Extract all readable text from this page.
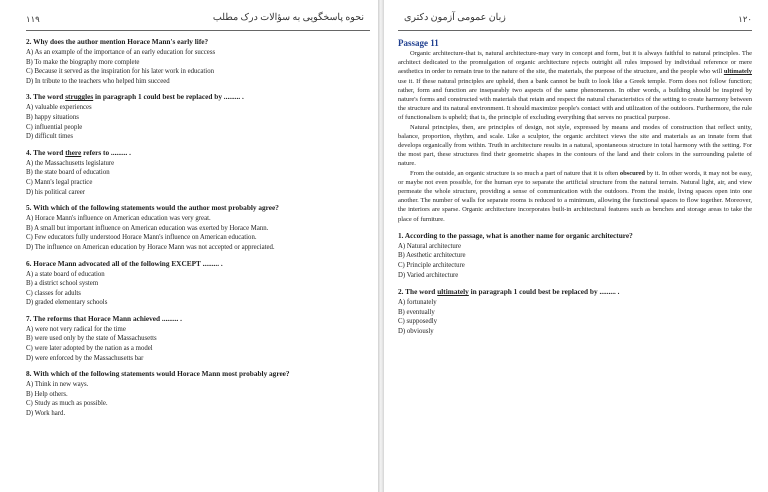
۱۱۹	نحوه پاسخگویی به سؤالات درک مطلب
2. Why does the author mention Horace Mann's early life?
A) As an example of the importance of an early education for success
B) To make the biography more complete
C) Because it served as the inspiration for his later work in education
D) In tribute to the teachers who helped him succeed
3. The word struggles in paragraph 1 could best be replaced by ......... .
A) valuable experiences
B) happy situations
C) influential people
D) difficult times
4. The word there refers to ......... .
A) the Massachusetts legislature
B) the state board of education
C) Mann's legal practice
D) his political career
5. With which of the following statements would the author most probably agree?
A) Horace Mann's influence on American education was very great.
B) A small but important influence on American education was exerted by Horace Mann.
C) Few educators fully understood Horace Mann's influence on American education.
D) The influence on American education by Horace Mann was not accepted or appreciated.
6. Horace Mann advocated all of the following EXCEPT ......... .
A) a state board of education
B) a district school system
C) classes for adults
D) graded elementary schools
7. The reforms that Horace Mann achieved ......... .
A) were not very radical for the time
B) were used only by the state of Massachusetts
C) were later adopted by the nation as a model
D) were enforced by the Massachusetts bar
8. With which of the following statements would Horace Mann most probably agree?
A) Think in new ways.
B) Help others.
C) Study as much as possible.
D) Work hard.
زبان عمومی آزمون دکتری	۱۲۰
Passage 11

Organic architecture-that is, natural architecture-may vary in concept and form, but it is always faithful to natural principles. The architect dedicated to the promulgation of organic architecture rejects outright all rules imposed by individual reference or mere aesthetics in order to remain true to the nature of the site, the materials, the purpose of the structure, and the people who will ultimately use it. If these natural principles are upheld, then a bank cannot be built to look like a Greek temple. Form does not follow function; rather, form and function are inseparably two aspects of the same phenomenon. In other words, a building should be inspired by nature's forms and constructed with materials that retain and respect the natural characteristics of the setting to create harmony between the structure and its natural environment. It should maximize people's contact with and utilization of the outdoors. Furthermore, the rule of functionalism is upheld; that is, the principle of excluding everything that serves no practical purpose.

Natural principles, then, are principles of design, not style, expressed by means and modes of construction that reflect unity, balance, proportion, rhythm, and scale. Like a sculptor, the organic architect views the site and materials as an innate form that develops organically from within. Truth in architecture results in a natural, spontaneous structure in total harmony with the setting. For the most part, these structures find their geometric shapes in the contours of the land and their colors in the surrounding palette of nature.

From the outside, an organic structure is so much a part of nature that it is often obscured by it. In other words, it may not be easy, or maybe not even possible, for the human eye to separate the artificial structure from the natural terrain. Natural light, air, and view permeate the whole structure, providing a sense of communication with the outdoors. From the inside, living spaces open into one another. The number of walls for separate rooms is reduced to a minimum, allowing the functional spaces to flow together. Moreover, the interiors are sparse. Organic architecture incorporates built-in architectural features such as benches and storage areas to take the place of furniture.

1. According to the passage, what is another name for organic architecture?
A) Natural architecture
B) Aesthetic architecture
C) Principle architecture
D) Varied architecture
2. The word ultimately in paragraph 1 could best be replaced by ......... .
A) fortunately
B) eventually
C) supposedly
D) obviously
